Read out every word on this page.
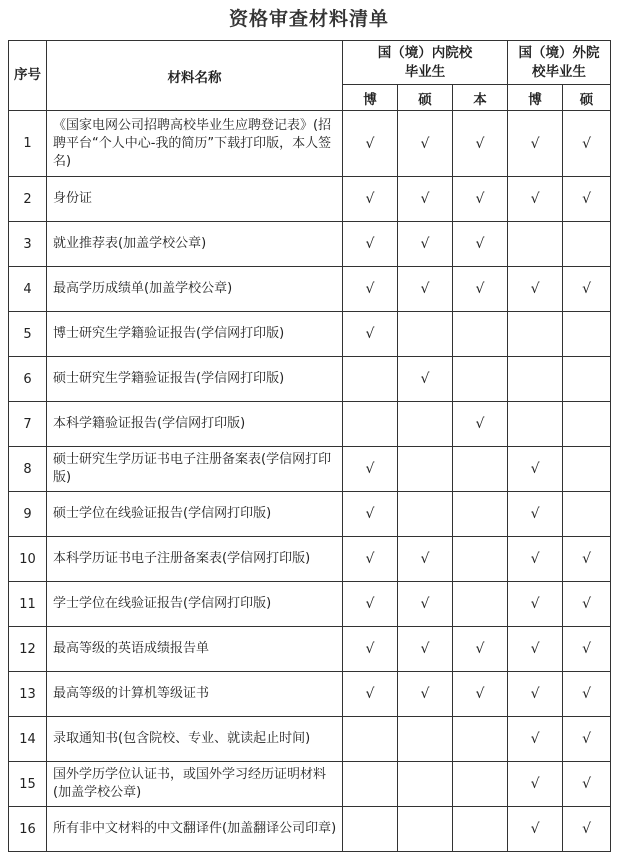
资格审查材料清单
序号	材料名称	国（境）内院校毕业生			国（境）外院校毕业生	

		博	硕	本	博	硕
1	《国家电网公司招聘高校毕业生应聘登记表》(招聘平台“个人中心-我的简历”下载打印版，本人签名)	√	√	√	√	√
2	身份证	√	√	√	√	√
3	就业推荐表(加盖学校公章)	√	√	√		
4	最高学历成绩单(加盖学校公章)	√	√	√	√	√
5	博士研究生学籍验证报告(学信网打印版)	√				
6	硕士研究生学籍验证报告(学信网打印版)		√			
7	本科学籍验证报告(学信网打印版)			√		
8	硕士研究生学历证书电子注册备案表(学信网打印版)	√			√	
9	硕士学位在线验证报告(学信网打印版)	√			√	
10	本科学历证书电子注册备案表(学信网打印版)	√	√		√	√
11	学士学位在线验证报告(学信网打印版)	√	√		√	√
12	最高等级的英语成绩报告单	√	√	√	√	√
13	最高等级的计算机等级证书	√	√	√	√	√
14	录取通知书(包含院校、专业、就读起止时间)				√	√
15	国外学历学位认证书，或国外学习经历证明材料(加盖学校公章)				√	√
16	所有非中文材料的中文翻译件(加盖翻译公司印章)				√	√
